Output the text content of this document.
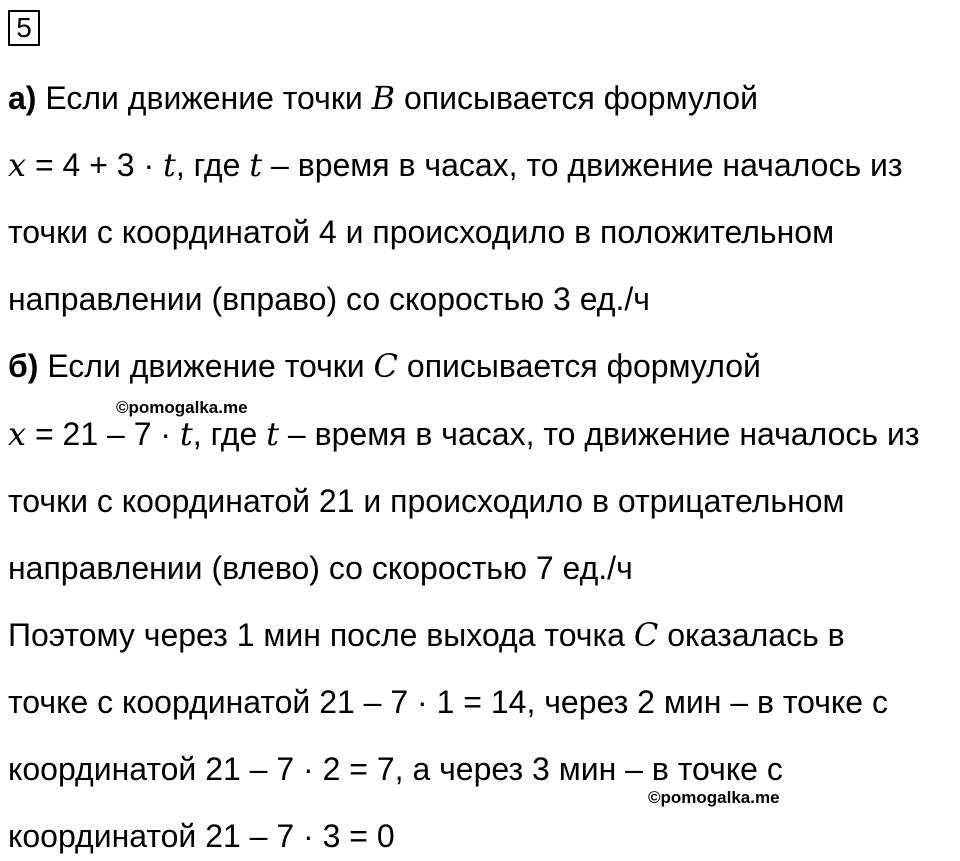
5
а) Если движение точки B описывается формулой
x = 4 + 3 · t, где t – время в часах, то движение началось из
точки с координатой 4 и происходило в положительном
направлении (вправо) со скоростью 3 ед./ч
б) Если движение точки C описывается формулой
©pomogalka.me
x = 21 – 7 · t, где t – время в часах, то движение началось из
точки с координатой 21 и происходило в отрицательном
направлении (влево) со скоростью 7 ед./ч
Поэтому через 1 мин после выхода точка C оказалась в
точке с координатой 21 – 7 · 1 = 14, через 2 мин – в точке с
координатой 21 – 7 · 2 = 7, а через 3 мин – в точке с
©pomogalka.me
координатой 21 – 7 · 3 = 0
